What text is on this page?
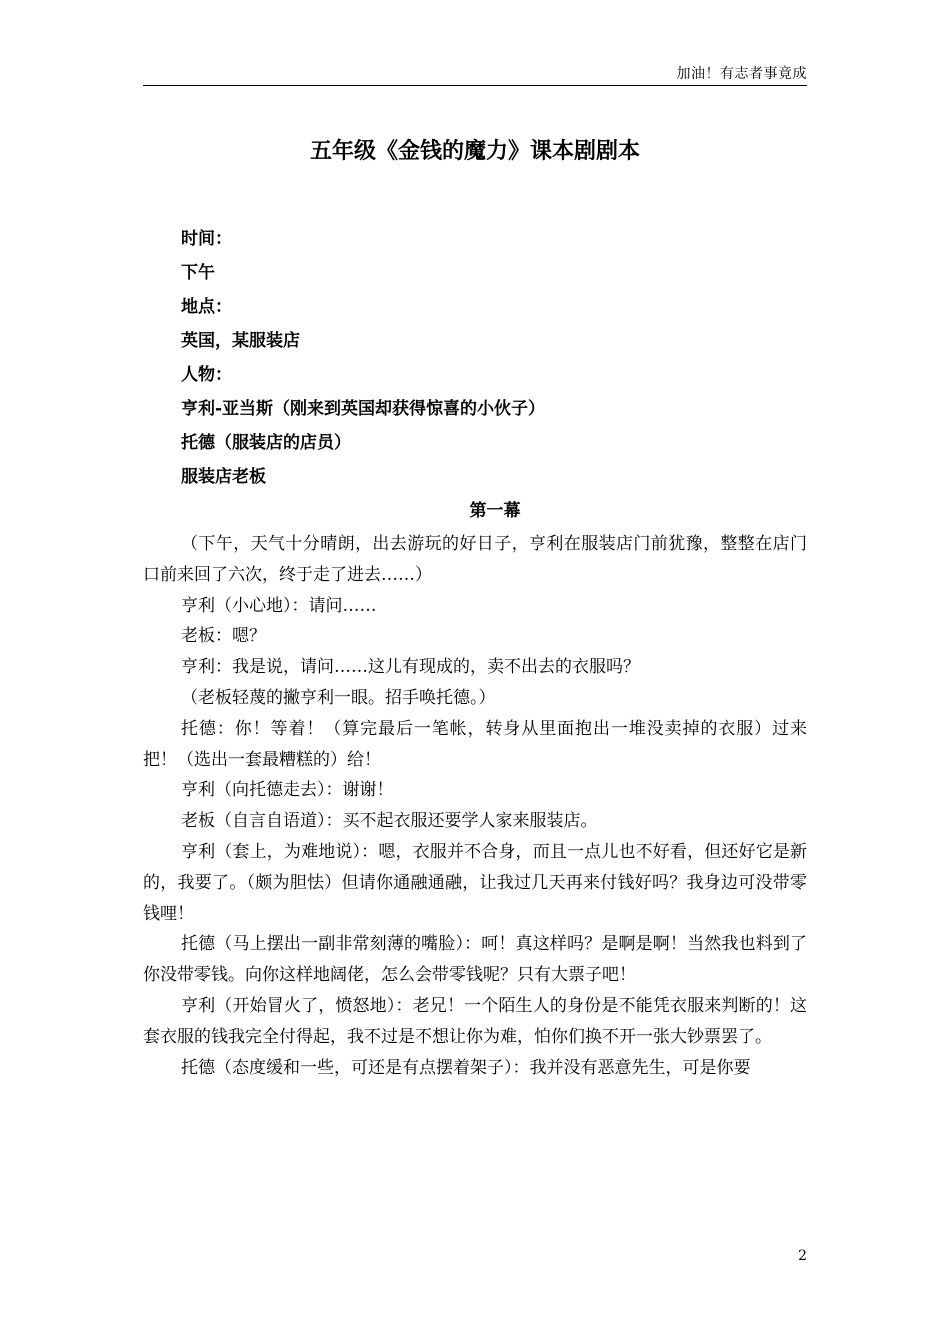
加油！有志者事竟成
五年级《金钱的魔力》课本剧剧本
时间：
下午
地点：
英国，某服装店
人物：
亨利-亚当斯（刚来到英国却获得惊喜的小伙子）
托德（服装店的店员）
服装店老板
第一幕

（下午，天气十分晴朗，出去游玩的好日子，亨利在服装店门前犹豫，整整在店门口前来回了六次，终于走了进去……）

亨利（小心地）：请问……

老板：嗯？

亨利：我是说，请问……这儿有现成的，卖不出去的衣服吗？

（老板轻蔑的撇亨利一眼。招手唤托德。）

托德：你！等着！（算完最后一笔帐，转身从里面抱出一堆没卖掉的衣服）过来把！（选出一套最糟糕的）给！

亨利（向托德走去）：谢谢！

老板（自言自语道）：买不起衣服还要学人家来服装店。

亨利（套上，为难地说）：嗯，衣服并不合身，而且一点儿也不好看，但还好它是新的，我要了。（颇为胆怯）但请你通融通融，让我过几天再来付钱好吗？我身边可没带零钱哩！

托德（马上摆出一副非常刻薄的嘴脸）：呵！真这样吗？是啊是啊！当然我也料到了你没带零钱。向你这样地阔佬，怎么会带零钱呢？只有大票子吧！

亨利（开始冒火了，愤怒地）：老兄！一个陌生人的身份是不能凭衣服来判断的！这套衣服的钱我完全付得起，我不过是不想让你为难，怕你们换不开一张大钞票罢了。

托德（态度缓和一些，可还是有点摆着架子）：我并没有恶意先生，可是你要

2
